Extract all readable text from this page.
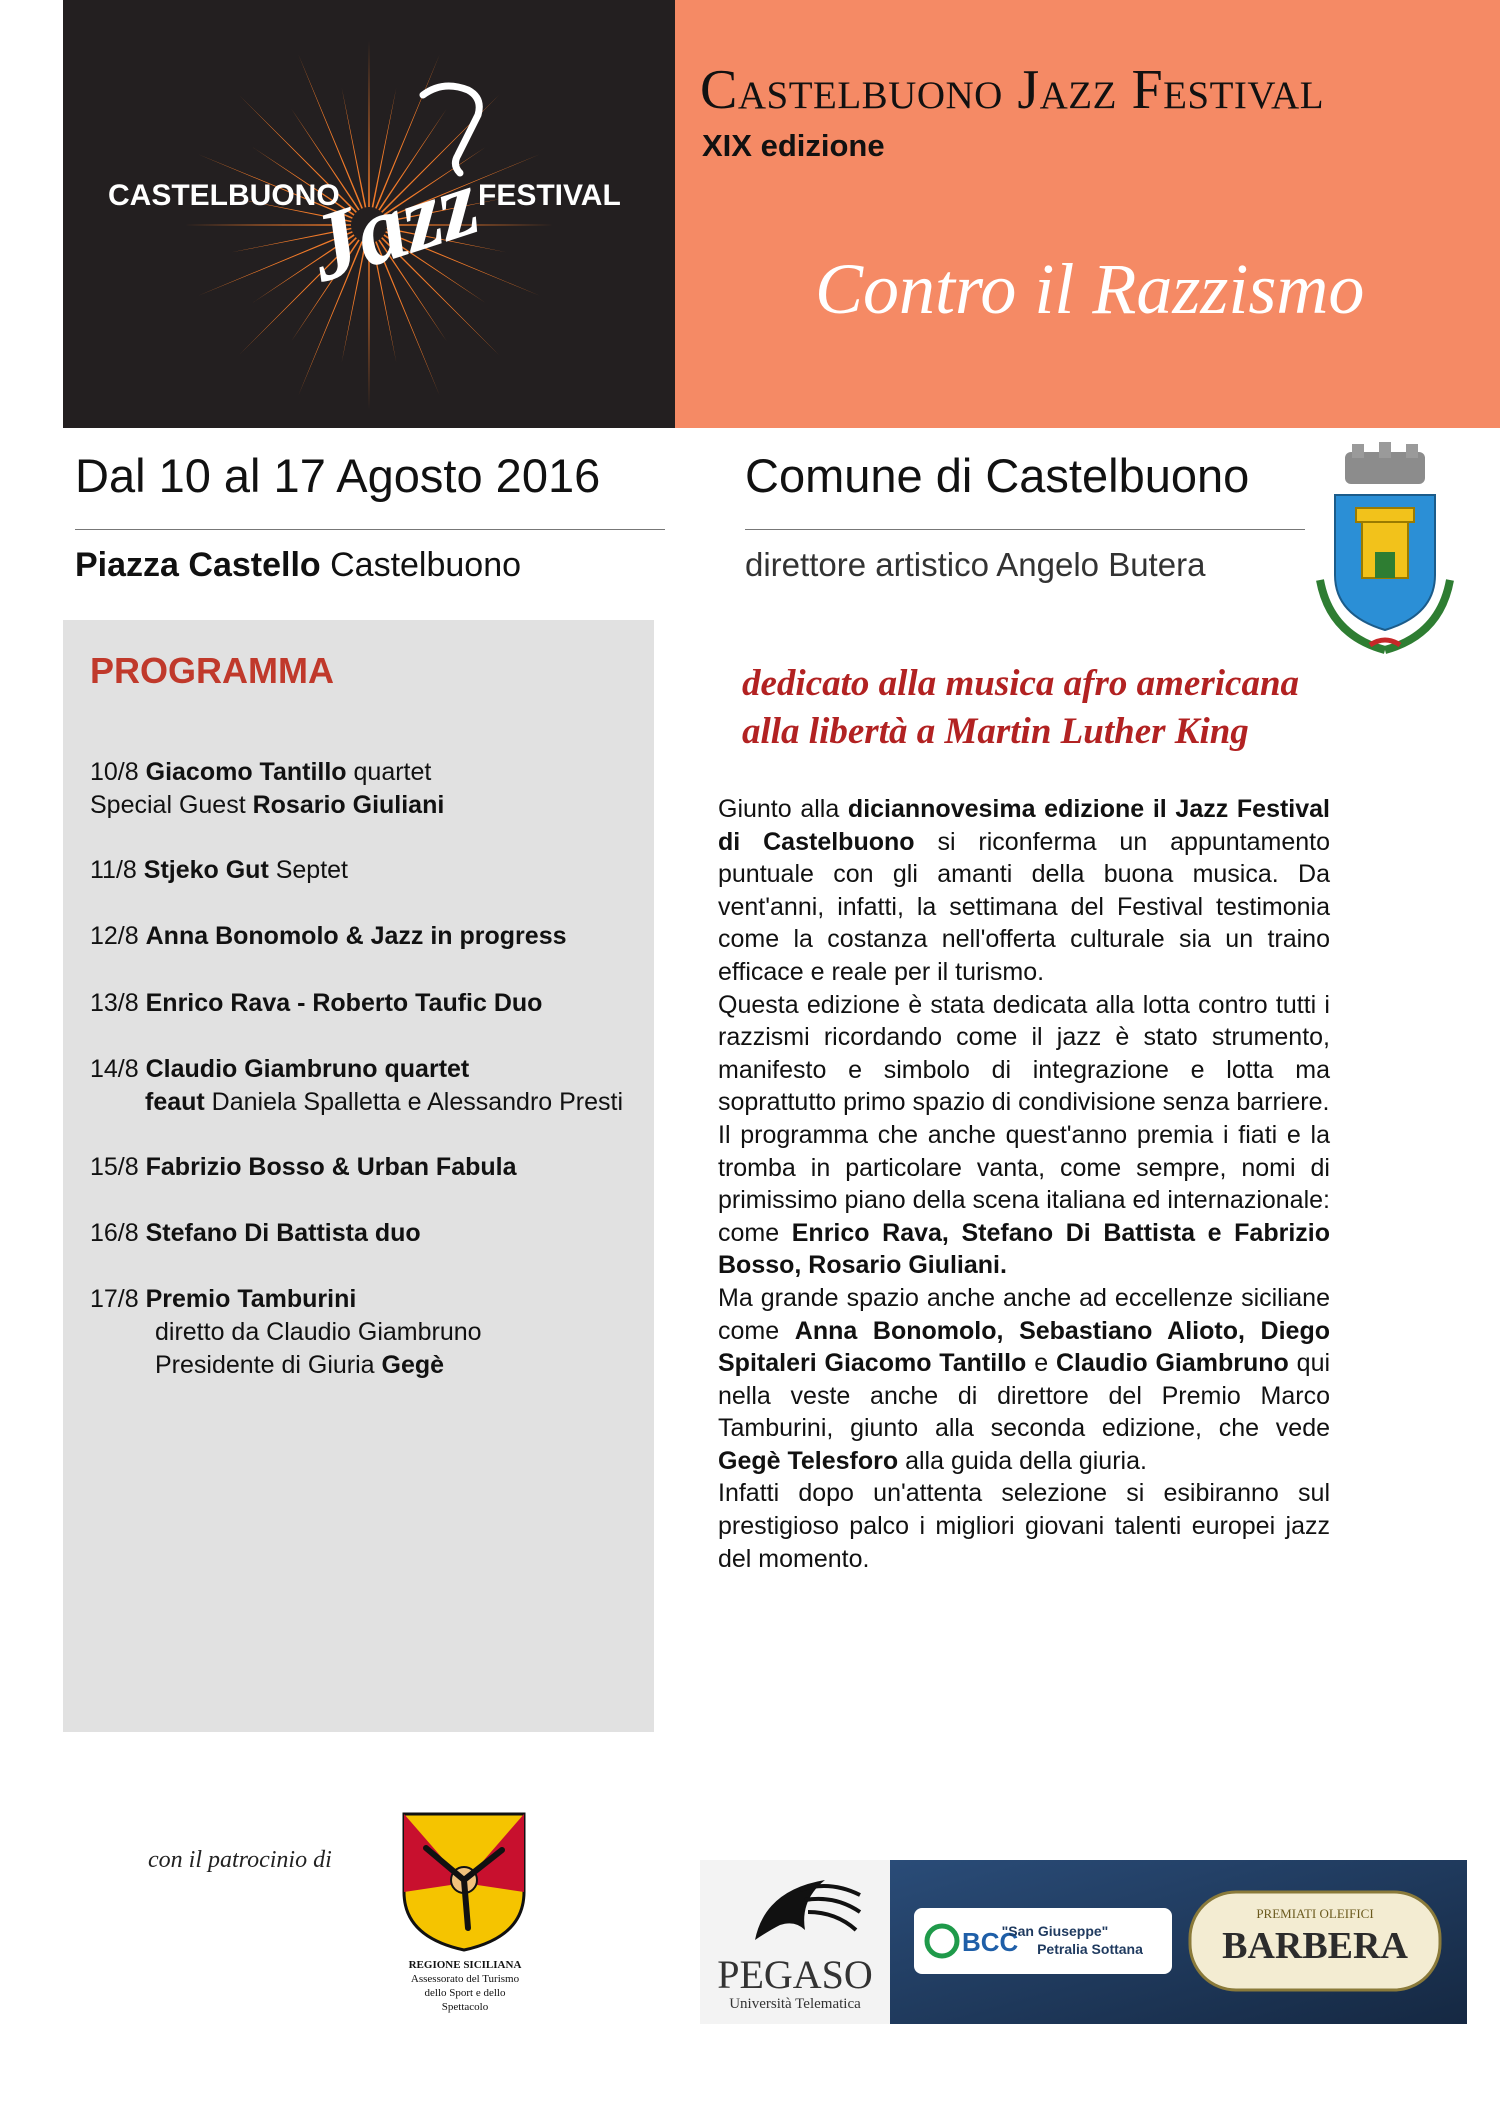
CASTELBUONO	FESTIVAL
Jazz
Castelbuono Jazz Festival
XIX edizione
Contro il Razzismo
Dal 10 al 17 Agosto 2016	Comune di Castelbuono
Piazza Castello Castelbuono	direttore artistico Angelo Butera
PROGRAMMA
10/8 Giacomo Tantillo quartet
Special Guest Rosario Giuliani
11/8 Stjeko Gut Septet
12/8 Anna Bonomolo & Jazz in progress
13/8 Enrico Rava - Roberto Taufic Duo
14/8 Claudio Giambruno quartet
feaut Daniela Spalletta e Alessandro Presti
15/8 Fabrizio Bosso & Urban Fabula
16/8 Stefano Di Battista duo
17/8 Premio Tamburini
diretto da Claudio Giambruno
Presidente di Giuria Gegè
dedicato alla musica afro americana
alla libertà a Martin Luther King

Giunto alla diciannovesima edizione il Jazz Festival di Castelbuono si riconferma un appuntamento puntuale con gli amanti della buona musica. Da vent'anni, infatti, la settimana del Festival testimonia come la costanza nell'offerta culturale sia un traino efficace e reale per il turismo.

Questa edizione è stata dedicata alla lotta contro tutti i razzismi ricordando come il jazz è stato strumento, manifesto e simbolo di integrazione e lotta ma soprattutto primo spazio di condivisione senza barriere.

Il programma che anche quest'anno premia i fiati e la tromba in particolare vanta, come sempre, nomi di primissimo piano della scena italiana ed internazionale: come Enrico Rava, Stefano Di Battista e Fabrizio Bosso, Rosario Giuliani.

Ma grande spazio anche anche ad eccellenze siciliane come Anna Bonomolo, Sebastiano Alioto, Diego Spitaleri Giacomo Tantillo e Claudio Giambruno qui nella veste anche di direttore del Premio Marco Tamburini, giunto alla seconda edizione, che vede Gegè Telesforo alla guida della giuria.

Infatti dopo un'attenta selezione si esibiranno sul prestigioso palco i migliori giovani talenti europei jazz del momento.

con il patrocinio di
REGIONE SICILIANA
Assessorato del Turismo
dello Sport e dello
Spettacolo
PEGASO
Università Telematica
BCC
"San Giuseppe"
Petralia Sottana
PREMIATI OLEIFICI
BARBERA
